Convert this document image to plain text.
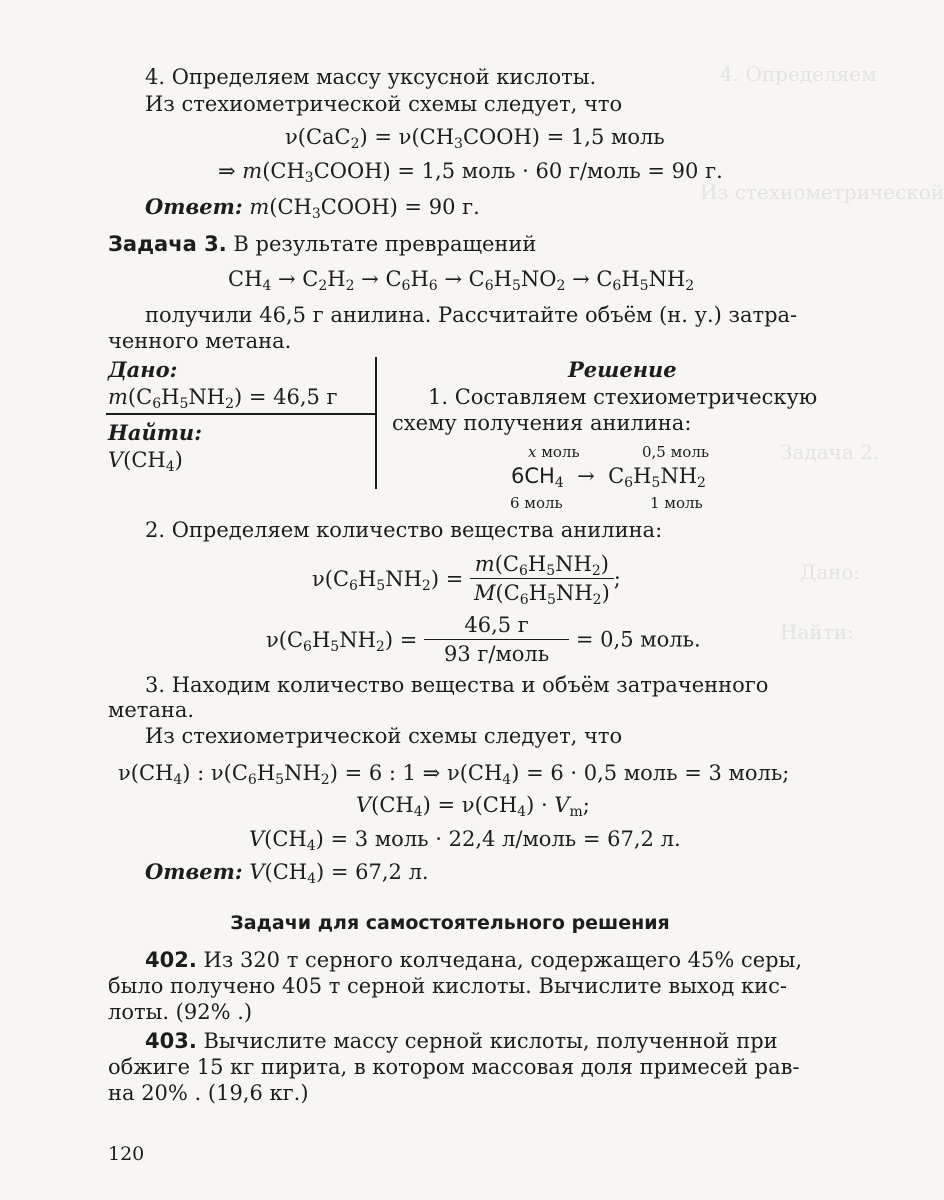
4. Определяем
Из стехиометрической
Задача 2.
Дано:
Найти:
4. Определяем массу уксусной кислоты.
Из стехиометрической схемы следует, что
$\nu(CaC_2) = \nu(CH_3COOH) = 1,5$ моль
⇒ $m(CH_3COOH) = 1,5$ моль · 60 г/моль = 90 г.
Ответ: $m(CH_3COOH) = 90$ г.
Задача 3. В результате превращений
$CH_4 \to C_2H_2 \to C_6H_6 \to C_6H_5NO_2 \to C_6H_5NH_2$
получили 46,5 г анилина. Рассчитайте объём (н. у.) затра-
ченного метана.
Дано:
$m(C_6H_5NH_2) = 46,5$ г
Найти:
$V(CH_4)$
Решение
1. Составляем стехиометрическую
схему получения анилина:
x моль	0,5 моль
$6CH_4 \to C_6H_5NH_2$
6 моль	1 моль
2. Определяем количество вещества анилина:
$\nu(C_6H_5NH_2) = \frac{m(C_6H_5NH_2)}{M(C_6H_5NH_2)}$ ;
$\nu(C_6H_5NH_2) = \frac{46,5 г}{\text{93 г/моль}} = 0,5$ моль.
3. Находим количество вещества и объём затраченного
метана.
Из стехиометрической схемы следует, что
$\nu(CH_4)$ : $\nu(C_6H_5NH_2) = 6$ : 1 ⇒ $\nu(CH_4) = 6 \cdot 0,5$ моль = 3 моль;
$V(CH_4) = \nu(CH_4) \cdot V_m$;
$V(CH_4) = 3$ моль · 22,4 л/моль = 67,2 л.
Ответ: $V(CH_4) = 67,2$ л.
Задачи для самостоятельного решения
402. Из 320 т серного колчедана, содержащего 45% серы,
было получено 405 т серной кислоты. Вычислите выход кис-
лоты. (92% .)
403. Вычислите массу серной кислоты, полученной при
обжиге 15 кг пирита, в котором массовая доля примесей рав-
на 20% . (19,6 кг.)
120
